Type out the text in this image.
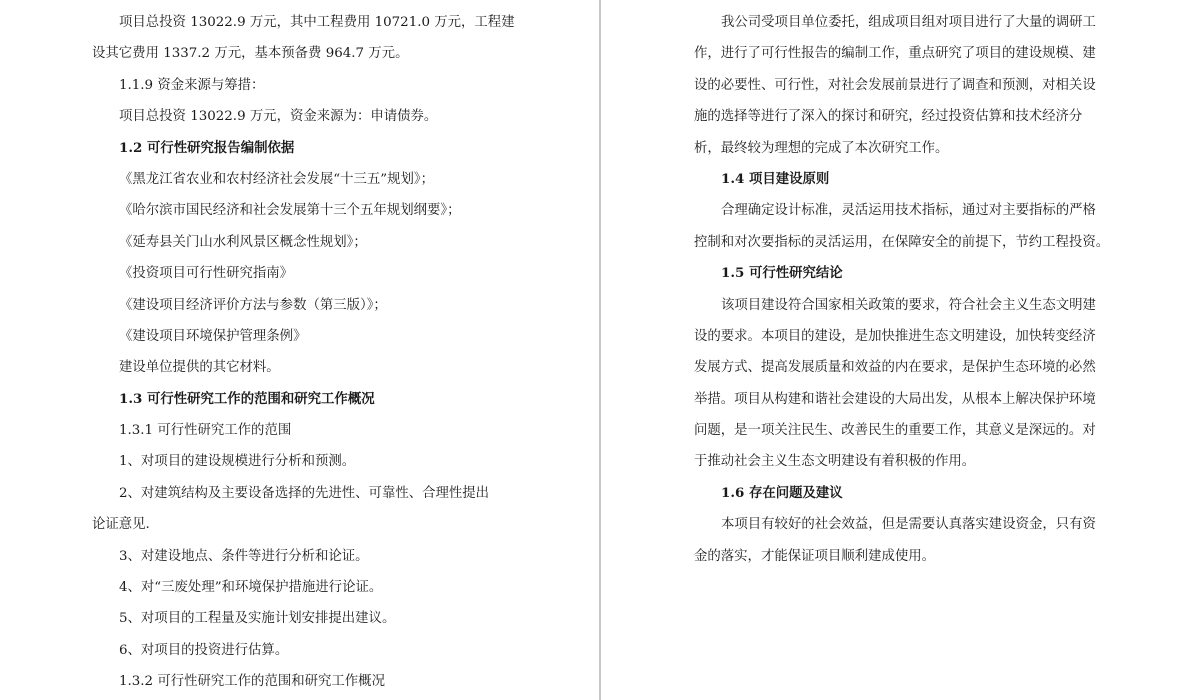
项目总投资 13022.9 万元，其中工程费用 10721.0 万元，工程建
设其它费用 1337.2 万元，基本预备费 964.7 万元。
1.1.9 资金来源与筹措：
项目总投资 13022.9 万元，资金来源为：申请债券。
1.2 可行性研究报告编制依据
《黑龙江省农业和农村经济社会发展“十三五”规划》；
《哈尔滨市国民经济和社会发展第十三个五年规划纲要》；
《延寿县关门山水利风景区概念性规划》；
《投资项目可行性研究指南》
《建设项目经济评价方法与参数（第三版）》；
《建设项目环境保护管理条例》
建设单位提供的其它材料。
1.3 可行性研究工作的范围和研究工作概况
1.3.1 可行性研究工作的范围
1、对项目的建设规模进行分析和预测。
2、对建筑结构及主要设备选择的先进性、可靠性、合理性提出
论证意见.
3、对建设地点、条件等进行分析和论证。
4、对“三废处理”和环境保护措施进行论证。
5、对项目的工程量及实施计划安排提出建议。
6、对项目的投资进行估算。
1.3.2 可行性研究工作的范围和研究工作概况
我公司受项目单位委托，组成项目组对项目进行了大量的调研工
作，进行了可行性报告的编制工作，重点研究了项目的建设规模、建
设的必要性、可行性，对社会发展前景进行了调查和预测，对相关设
施的选择等进行了深入的探讨和研究，经过投资估算和技术经济分
析，最终较为理想的完成了本次研究工作。
1.4 项目建设原则
合理确定设计标准，灵活运用技术指标，通过对主要指标的严格
控制和对次要指标的灵活运用，在保障安全的前提下，节约工程投资。
1.5 可行性研究结论
该项目建设符合国家相关政策的要求，符合社会主义生态文明建
设的要求。本项目的建设，是加快推进生态文明建设，加快转变经济
发展方式、提高发展质量和效益的内在要求，是保护生态环境的必然
举措。项目从构建和谐社会建设的大局出发，从根本上解决保护环境
问题，是一项关注民生、改善民生的重要工作，其意义是深远的。对
于推动社会主义生态文明建设有着积极的作用。
1.6 存在问题及建议
本项目有较好的社会效益，但是需要认真落实建设资金，只有资
金的落实，才能保证项目顺利建成使用。
